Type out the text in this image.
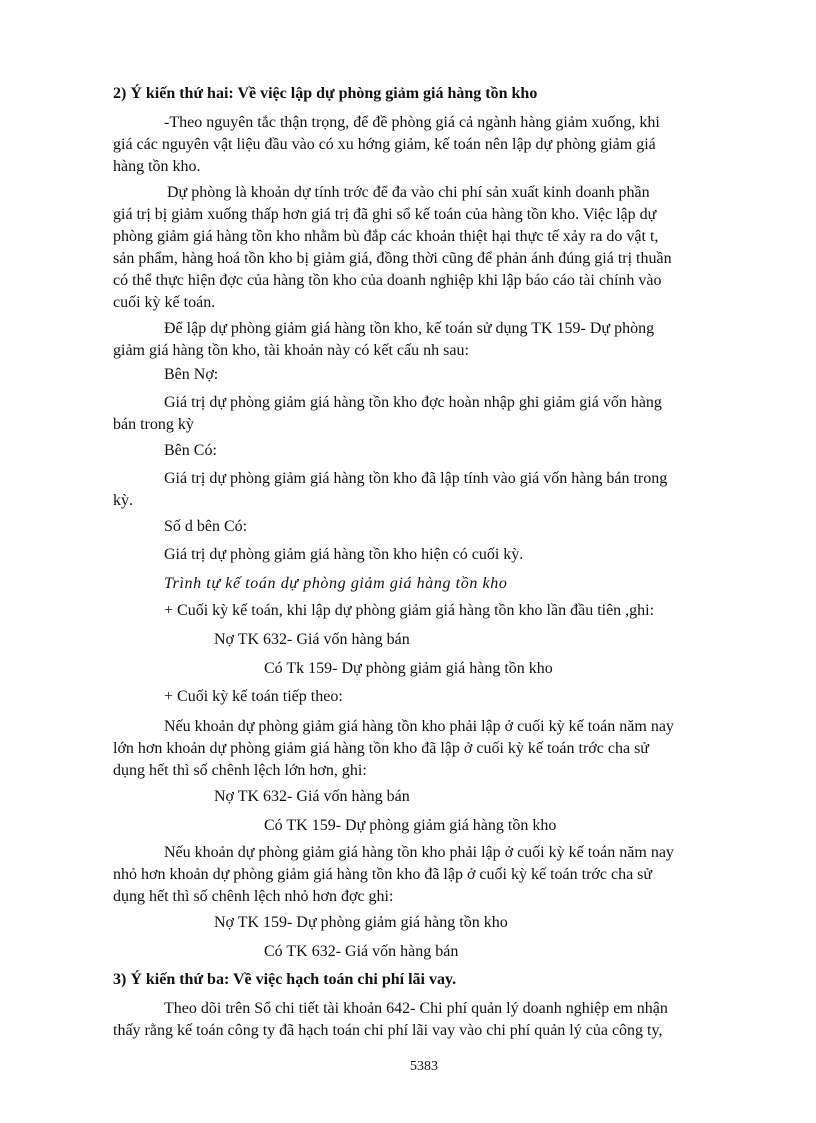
2) Ý kiến thứ hai: Về việc lập dự phòng giảm giá hàng tồn kho
-Theo nguyên tắc thận trọng, để đề phòng giá cả ngành hàng giảm xuống, khi
giá các nguyên vật liệu đầu vào có xu hớng giảm, kế toán nên lập dự phòng giảm giá
hàng tồn kho.
Dự phòng là khoản dự tính trớc để đa vào chi phí sản xuất kinh doanh phần
giá trị bị giảm xuống thấp hơn giá trị đã ghi sổ kế toán của hàng tồn kho. Việc lập dự
phòng giảm giá hàng tồn kho nhằm bù đắp các khoản thiệt hại thực tế xảy ra do vật t,
sản phẩm, hàng hoá tồn kho bị giảm giá, đồng thời cũng để phản ánh đúng giá trị thuần
có thể thực hiện đợc của hàng tồn kho của doanh nghiệp khi lập báo cáo tài chính vào
cuối kỳ kế toán.
Để lập dự phòng giảm giá hàng tồn kho, kế toán sử dụng TK 159- Dự phòng
giảm giá hàng tồn kho, tài khoản này có kết cấu nh sau:
Bên Nợ:
Giá trị dự phòng giảm giá hàng tồn kho đợc hoàn nhập ghi giảm giá vốn hàng
bán trong kỳ
Bên Có:
Giá trị dự phòng giảm giá hàng tồn kho đã lập tính vào giá vốn hàng bán trong
kỳ.
Số d bên Có:
Giá trị dự phòng giảm giá hàng tồn kho hiện có cuối kỳ.
Trình tự kế toán dự phòng giảm giá hàng tồn kho
+ Cuối kỳ kế toán, khi lập dự phòng giảm giá hàng tồn kho lần đầu tiên ,ghi:
Nợ TK 632- Giá vốn hàng bán
Có Tk 159- Dự phòng giảm giá hàng tồn kho
+ Cuối kỳ kế toán tiếp theo:
Nếu khoản dự phòng giảm giá hàng tồn kho phải lập ở cuối kỳ kế toán năm nay
lớn hơn khoản dự phòng giảm giá hàng tồn kho đã lập ở cuối kỳ kế toán trớc cha sử
dụng hết thì số chênh lệch lớn hơn, ghi:
Nợ TK 632- Giá vốn hàng bán
Có TK 159- Dự phòng giảm giá hàng tồn kho
Nếu khoản dự phòng giảm giá hàng tồn kho phải lập ở cuối kỳ kế toán năm nay
nhỏ hơn khoản dự phòng giảm giá hàng tồn kho đã lập ở cuối kỳ kế toán trớc cha sử
dụng hết thì số chênh lệch nhỏ hơn đợc ghi:
Nợ TK 159- Dự phòng giảm giá hàng tồn kho
Có TK 632- Giá vốn hàng bán
3) Ý kiến thứ ba: Về việc hạch toán chi phí lãi vay.
Theo dõi trên Sổ chi tiết tài khoản 642- Chi phí quản lý doanh nghiệp em nhận
thấy rằng kế toán công ty đã hạch toán chi phí lãi vay vào chi phí quản lý của công ty,
5383
